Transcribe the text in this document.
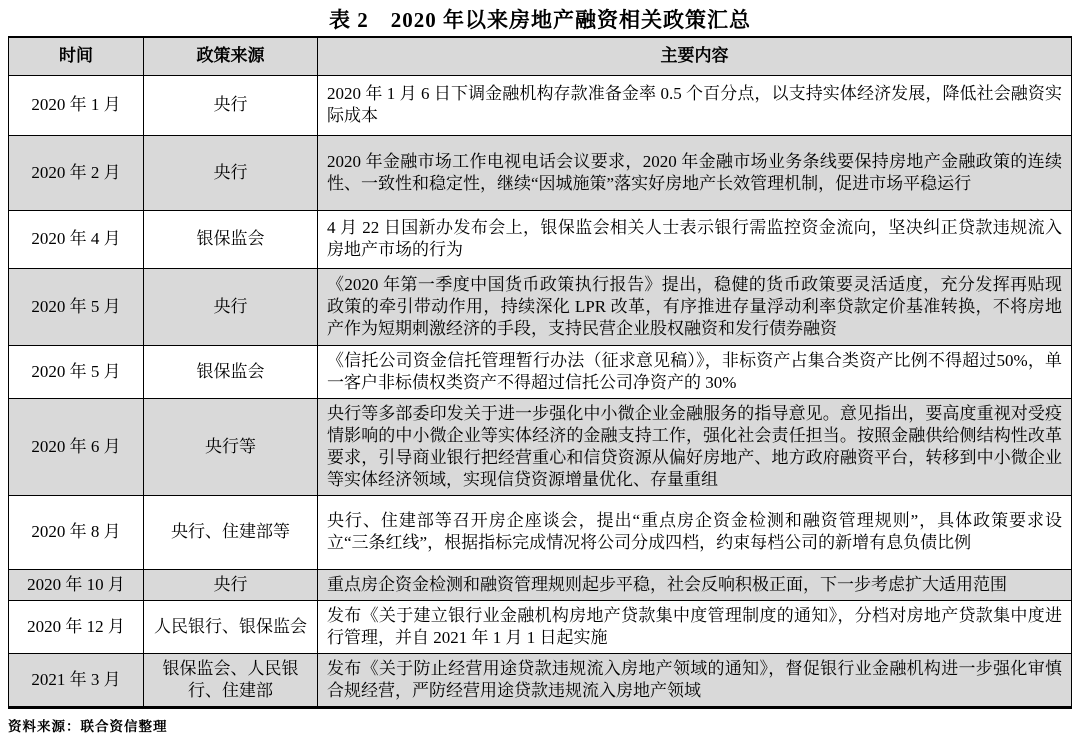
表 2　2020 年以来房地产融资相关政策汇总
时间	政策来源	主要内容
2020 年 1 月	央行	2020 年 1 月 6 日下调金融机构存款准备金率 0.5 个百分点，以支持实体经济发展，降低社会融资实际成本
2020 年 2 月	央行	2020 年金融市场工作电视电话会议要求，2020 年金融市场业务条线要保持房地产金融政策的连续性、一致性和稳定性，继续“因城施策”落实好房地产长效管理机制，促进市场平稳运行
2020 年 4 月	银保监会	4 月 22 日国新办发布会上，银保监会相关人士表示银行需监控资金流向，坚决纠正贷款违规流入房地产市场的行为
2020 年 5 月	央行	《2020 年第一季度中国货币政策执行报告》提出，稳健的货币政策要灵活适度，充分发挥再贴现政策的牵引带动作用，持续深化 LPR 改革，有序推进存量浮动利率贷款定价基准转换，不将房地产作为短期刺激经济的手段，支持民营企业股权融资和发行债券融资
2020 年 5 月	银保监会	《信托公司资金信托管理暂行办法（征求意见稿）》，非标资产占集合类资产比例不得超过50%，单一客户非标债权类资产不得超过信托公司净资产的 30%
2020 年 6 月	央行等	央行等多部委印发关于进一步强化中小微企业金融服务的指导意见。意见指出，要高度重视对受疫情影响的中小微企业等实体经济的金融支持工作，强化社会责任担当。按照金融供给侧结构性改革要求，引导商业银行把经营重心和信贷资源从偏好房地产、地方政府融资平台，转移到中小微企业等实体经济领域，实现信贷资源增量优化、存量重组
2020 年 8 月	央行、住建部等	央行、住建部等召开房企座谈会，提出“重点房企资金检测和融资管理规则”，具体政策要求设立“三条红线”，根据指标完成情况将公司分成四档，约束每档公司的新增有息负债比例
2020 年 10 月	央行	重点房企资金检测和融资管理规则起步平稳，社会反响积极正面，下一步考虑扩大适用范围
2020 年 12 月	人民银行、银保监会	发布《关于建立银行业金融机构房地产贷款集中度管理制度的通知》，分档对房地产贷款集中度进行管理，并自 2021 年 1 月 1 日起实施
2021 年 3 月	银保监会、人民银行、住建部	发布《关于防止经营用途贷款违规流入房地产领域的通知》，督促银行业金融机构进一步强化审慎合规经营，严防经营用途贷款违规流入房地产领域
资料来源：联合资信整理
